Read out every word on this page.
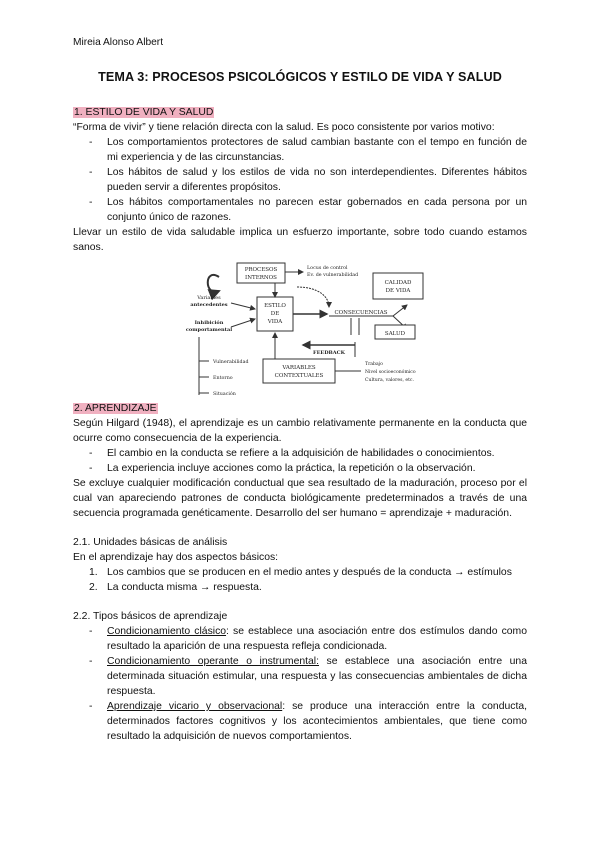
Mireia Alonso Albert
TEMA 3: PROCESOS PSICOLÓGICOS Y ESTILO DE VIDA Y SALUD

1. ESTILO DE VIDA Y SALUD

“Forma de vivir” y tiene relación directa con la salud. Es poco consistente por varios motivo:

- Los comportamientos protectores de salud cambian bastante con el tempo en función de mi experiencia y de las circunstancias.
- Los hábitos de salud y los estilos de vida no son interdependientes. Diferentes hábitos pueden servir a diferentes propósitos.
- Los hábitos comportamentales no parecen estar gobernados en cada persona por un conjunto único de razones.

Llevar un estilo de vida saludable implica un esfuerzo importante, sobre todo cuando estamos sanos.

PROCESOS
INTERNOS
Locus de control
Ev. de vulnerabilidad
Variables
antecedentes
Inhibición
comportamental
ESTILO
DE
VIDA
CONSECUENCIAS
CALIDAD
DE VIDA
SALUD
FEEDBACK
Vulnerabilidad
Entorno
Situación
VARIABLES
CONTEXTUALES
Trabajo
Nivel socioeconómico
Cultura, valores, etc.

2. APRENDIZAJE

Según Hilgard (1948), el aprendizaje es un cambio relativamente permanente en la conducta que ocurre como consecuencia de la experiencia.

- El cambio en la conducta se refiere a la adquisición de habilidades o conocimientos.
- La experiencia incluye acciones como la práctica, la repetición o la observación.

Se excluye cualquier modificación conductual que sea resultado de la maduración, proceso por el cual van apareciendo patrones de conducta biológicamente predeterminados a través de una secuencia programada genéticamente. Desarrollo del ser humano = aprendizaje + maduración.

2.1. Unidades básicas de análisis

En el aprendizaje hay dos aspectos básicos:

1. Los cambios que se producen en el medio antes y después de la conducta → estímulos
2. La conducta misma → respuesta.

2.2. Tipos básicos de aprendizaje

- Condicionamiento clásico: se establece una asociación entre dos estímulos dando como resultado la aparición de una respuesta refleja condicionada.
- Condicionamiento operante o instrumental: se establece una asociación entre una determinada situación estimular, una respuesta y las consecuencias ambientales de dicha respuesta.
- Aprendizaje vicario y observacional: se produce una interacción entre la conducta, determinados factores cognitivos y los acontecimientos ambientales, que tiene como resultado la adquisición de nuevos comportamientos.
